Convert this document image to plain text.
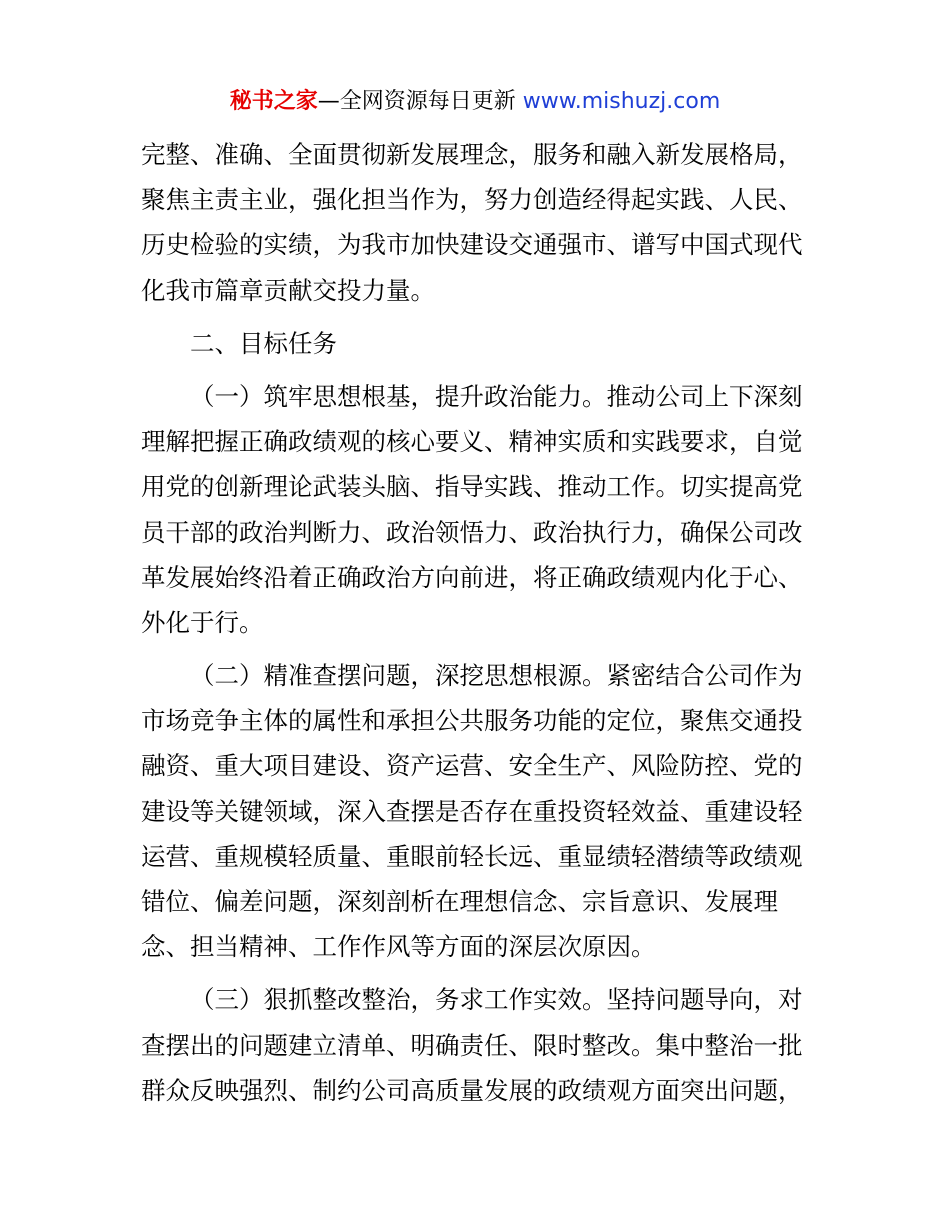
秘书之家—全网资源每日更新 www.mishuzj.com
完整、准确、全面贯彻新发展理念，服务和融入新发展格局，
聚焦主责主业，强化担当作为，努力创造经得起实践、人民、
历史检验的实绩，为我市加快建设交通强市、谱写中国式现代
化我市篇章贡献交投力量。
二、目标任务
（一）筑牢思想根基，提升政治能力。推动公司上下深刻
理解把握正确政绩观的核心要义、精神实质和实践要求，自觉
用党的创新理论武装头脑、指导实践、推动工作。切实提高党
员干部的政治判断力、政治领悟力、政治执行力，确保公司改
革发展始终沿着正确政治方向前进，将正确政绩观内化于心、
外化于行。
（二）精准查摆问题，深挖思想根源。紧密结合公司作为
市场竞争主体的属性和承担公共服务功能的定位，聚焦交通投
融资、重大项目建设、资产运营、安全生产、风险防控、党的
建设等关键领域，深入查摆是否存在重投资轻效益、重建设轻
运营、重规模轻质量、重眼前轻长远、重显绩轻潜绩等政绩观
错位、偏差问题，深刻剖析在理想信念、宗旨意识、发展理
念、担当精神、工作作风等方面的深层次原因。
（三）狠抓整改整治，务求工作实效。坚持问题导向，对
查摆出的问题建立清单、明确责任、限时整改。集中整治一批
群众反映强烈、制约公司高质量发展的政绩观方面突出问题，
